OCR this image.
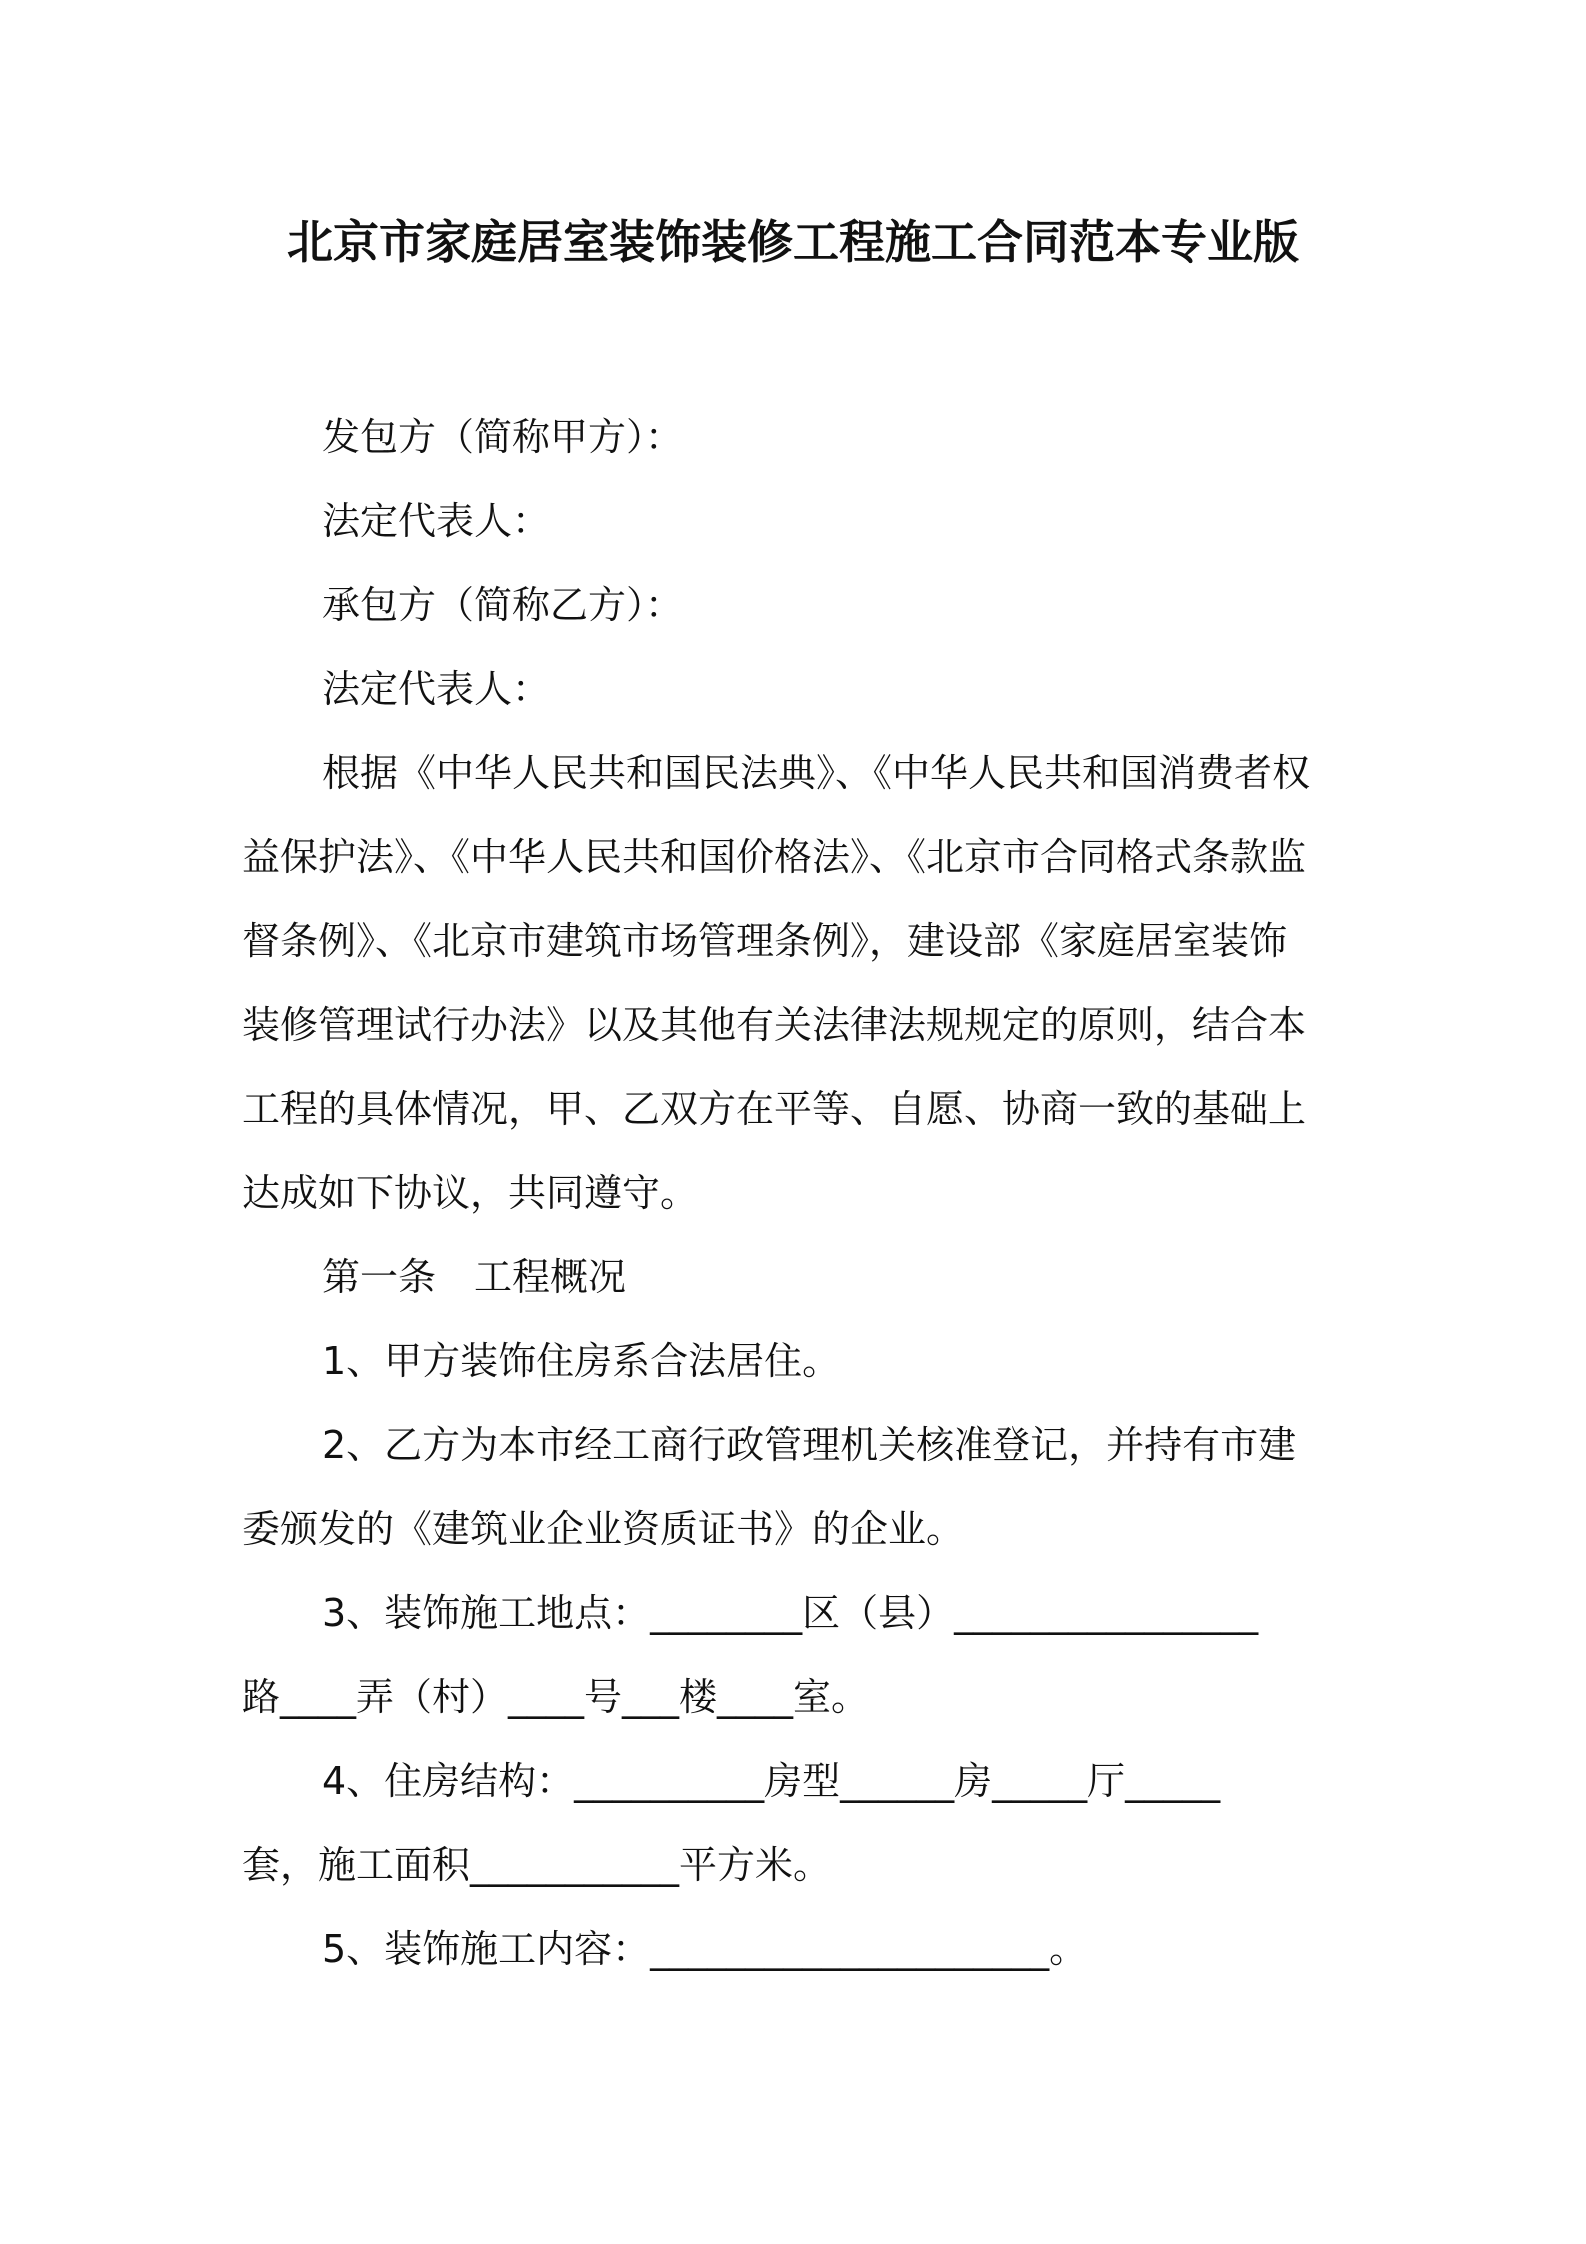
北京市家庭居室装饰装修工程施工合同范本专业版
发包方（简称甲方）：
法定代表人：
承包方（简称乙方）：
法定代表人：
根据《中华人民共和国民法典》、《中华人民共和国消费者权
益保护法》、《中华人民共和国价格法》、《北京市合同格式条款监
督条例》、《北京市建筑市场管理条例》，建设部《家庭居室装饰
装修管理试行办法》以及其他有关法律法规规定的原则，结合本
工程的具体情况，甲、乙双方在平等、自愿、协商一致的基础上
达成如下协议，共同遵守。
第一条　工程概况
1、甲方装饰住房系合法居住。
2、乙方为本市经工商行政管理机关核准登记，并持有市建
委颁发的《建筑业企业资质证书》的企业。
3、装饰施工地点：________区（县）________________
路____弄（村）____号___楼____室。
4、住房结构：__________房型______房_____厅_____
套，施工面积___________平方米。
5、装饰施工内容：_____________________。
